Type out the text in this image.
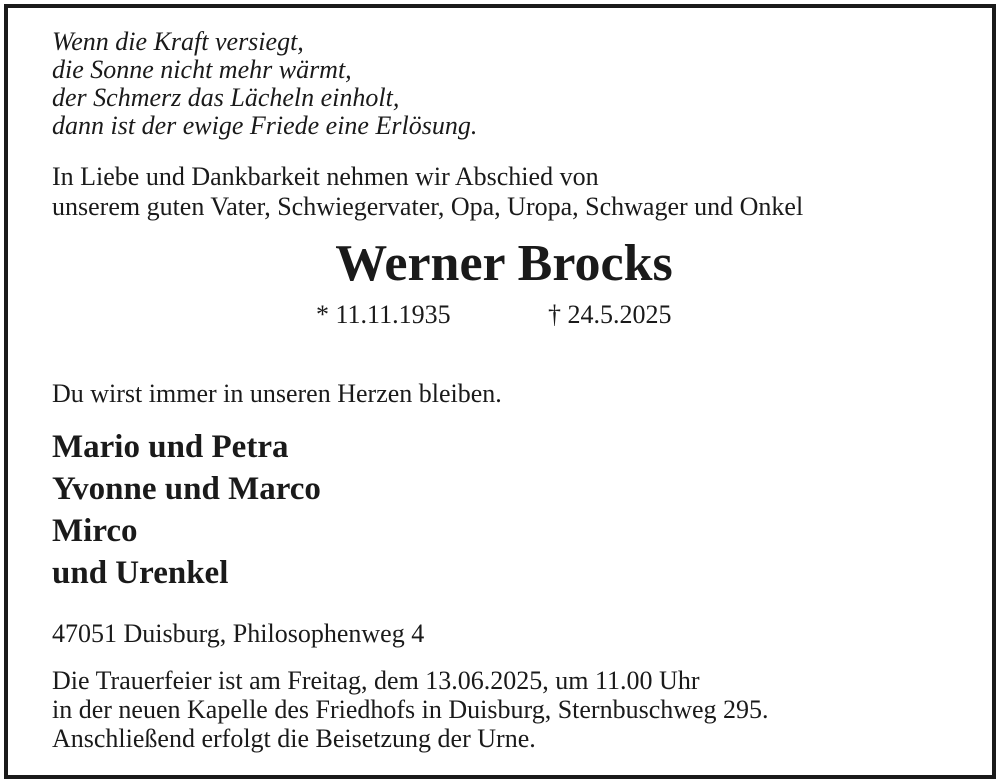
Wenn die Kraft versiegt,
die Sonne nicht mehr wärmt,
der Schmerz das Lächeln einholt,
dann ist der ewige Friede eine Erlösung.
In Liebe und Dankbarkeit nehmen wir Abschied von
unserem guten Vater, Schwiegervater, Opa, Uropa, Schwager und Onkel
Werner Brocks
* 11.11.1935	† 24.5.2025
Du wirst immer in unseren Herzen bleiben.
Mario und Petra
Yvonne und Marco
Mirco
und Urenkel
47051 Duisburg, Philosophenweg 4
Die Trauerfeier ist am Freitag, dem 13.06.2025, um 11.00 Uhr
in der neuen Kapelle des Friedhofs in Duisburg, Sternbuschweg 295.
Anschließend erfolgt die Beisetzung der Urne.
